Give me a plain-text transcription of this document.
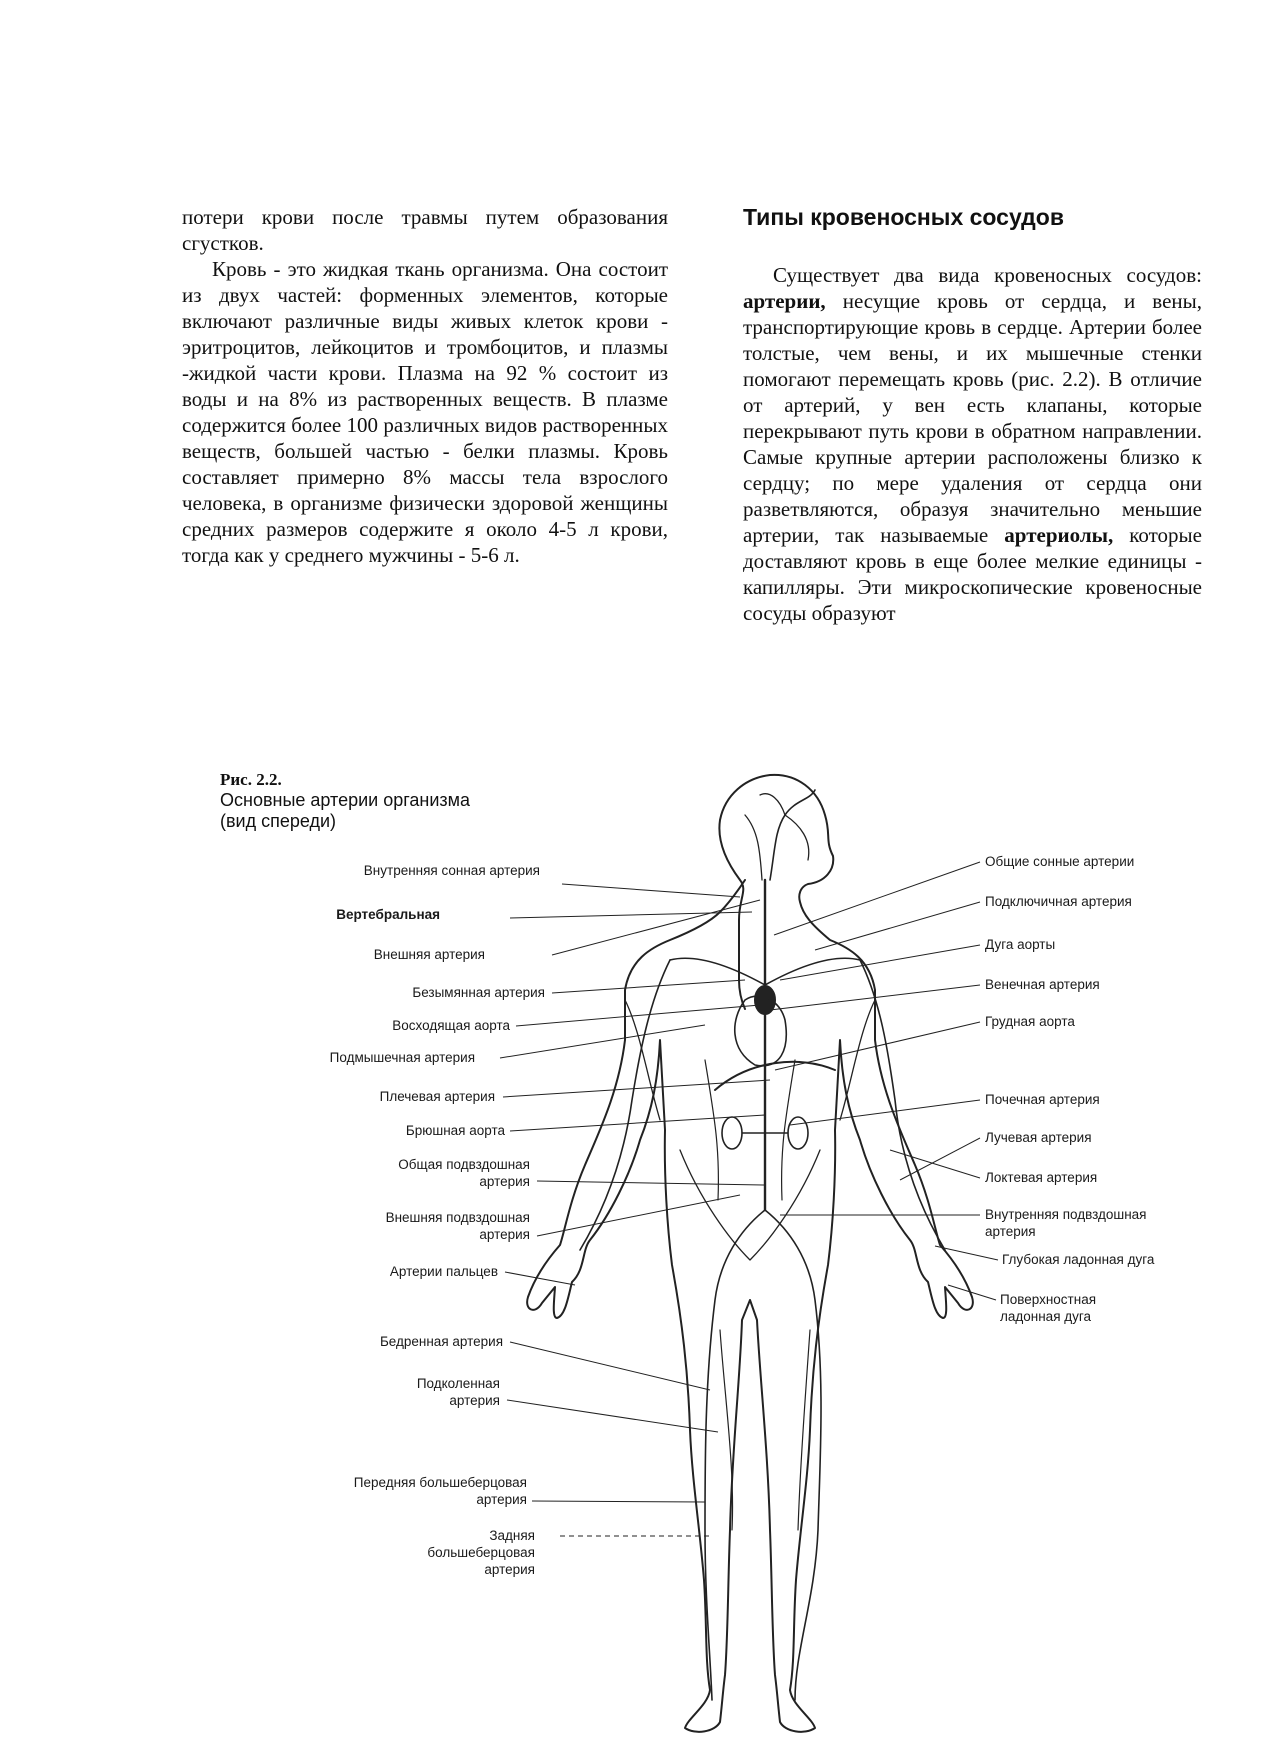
потери крови после травмы путем образования сгустков.

Кровь - это жидкая ткань организма. Она состоит из двух частей: форменных элементов, которые включают различные виды живых клеток крови - эритроцитов, лейкоцитов и тромбоцитов, и плазмы -жидкой части крови. Плазма на 92 % состоит из воды и на 8% из растворенных веществ. В плазме содержится более 100 различных видов растворенных веществ, большей частью - белки плазмы. Кровь составляет примерно 8% массы тела взрослого человека, в организме физически здоровой женщины средних размеров содержите я около 4-5 л крови, тогда как у среднего мужчины - 5-6 л.

Типы кровеносных сосудов

Существует два вида кровеносных сосудов: артерии, несущие кровь от сердца, и вены, транспортирующие кровь в сердце. Артерии более толстые, чем вены, и их мышечные стенки помогают перемещать кровь (рис. 2.2). В отличие от артерий, у вен есть клапаны, которые перекрывают путь крови в обратном направлении. Самые крупные артерии расположены близко к сердцу; по мере удаления от сердца они разветвляются, образуя значительно меньшие артерии, так называемые артериолы, которые доставляют кровь в еще более мелкие единицы - капилляры. Эти микроскопические кровеносные сосуды образуют

Рис. 2.2.
Основные артерии организма
(вид спереди)
Внутренняя сонная артерия
Вертебральная
Внешняя артерия
Безымянная артерия
Восходящая аорта
Подмышечная артерия
Плечевая артерия
Брюшная аорта
Общая подвздошная
артерия
Внешняя подвздошная
артерия
Артерии пальцев
Бедренная артерия
Подколенная
артерия
Передняя большеберцовая
артерия
Задняя
большеберцовая
артерия
Общие сонные артерии
Подключичная артерия
Дуга аорты
Венечная артерия
Грудная аорта
Почечная артерия
Лучевая артерия
Локтевая артерия
Внутренняя подвздошная
артерия
Глубокая ладонная дуга
Поверхностная
ладонная дуга
